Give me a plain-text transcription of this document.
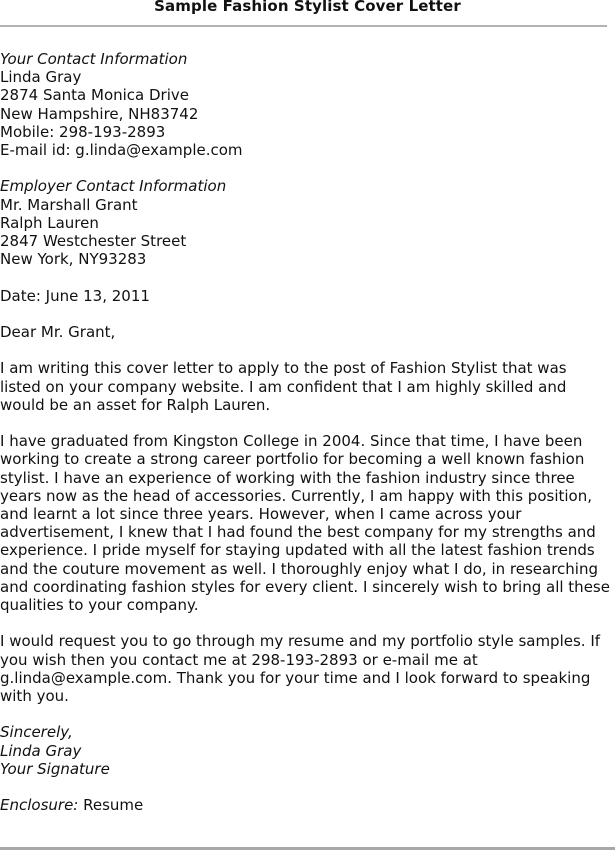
Sample Fashion Stylist Cover Letter
Your Contact Information
Linda Gray
2874 Santa Monica Drive
New Hampshire, NH83742
Mobile: 298-193-2893
E-mail id: g.linda@example.com
Employer Contact Information
Mr. Marshall Grant
Ralph Lauren
2847 Westchester Street
New York, NY93283
Date: June 13, 2011
Dear Mr. Grant,
I am writing this cover letter to apply to the post of Fashion Stylist that was
listed on your company website. I am confident that I am highly skilled and
would be an asset for Ralph Lauren.
I have graduated from Kingston College in 2004. Since that time, I have been
working to create a strong career portfolio for becoming a well known fashion
stylist. I have an experience of working with the fashion industry since three
years now as the head of accessories. Currently, I am happy with this position,
and learnt a lot since three years. However, when I came across your
advertisement, I knew that I had found the best company for my strengths and
experience. I pride myself for staying updated with all the latest fashion trends
and the couture movement as well. I thoroughly enjoy what I do, in researching
and coordinating fashion styles for every client. I sincerely wish to bring all these
qualities to your company.
I would request you to go through my resume and my portfolio style samples. If
you wish then you contact me at 298-193-2893 or e-mail me at
g.linda@example.com. Thank you for your time and I look forward to speaking
with you.
Sincerely,
Linda Gray
Your Signature
Enclosure: Resume
